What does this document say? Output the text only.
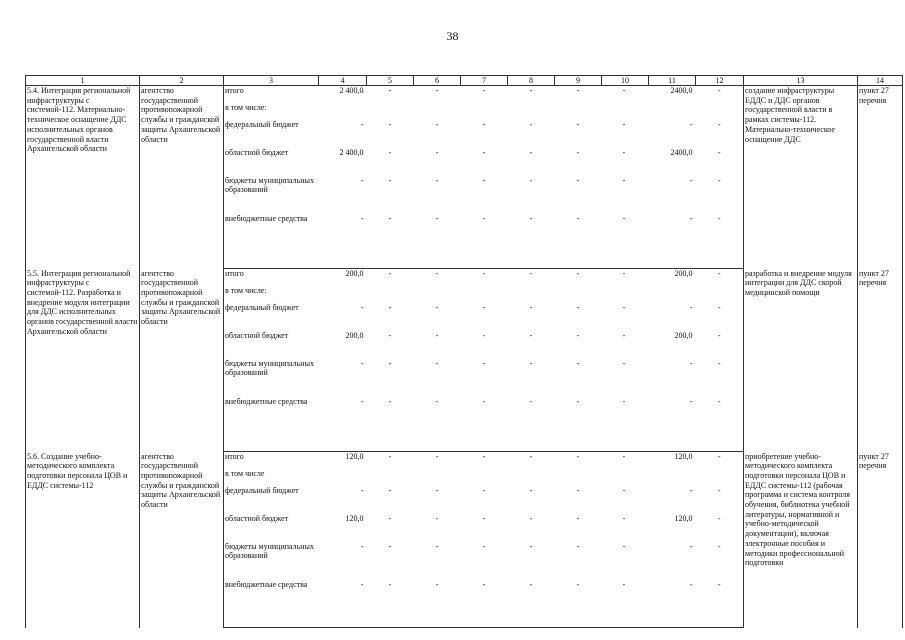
38
1	2	3	4	5	6	7	8	9	10	11	12	13	14
5.4. Интеграция региональной инфраструктуры с системой-112. Материально-техническое оснащение ДДС исполнительных органов государственной власти Архангельской области	агентство государственной противопожарной службы и гражданской защиты Архангельской области	итого	2 400,0	-	-	-	-	-	-	2400,0	-	создание инфраструктуры ЕДДС и ДДС органов государственной власти в рамках системы-112. Материально-техническое оснащение ДДС	пункт 27 перечня
		в том числе:											
		федеральный бюджет	-	-	-	-	-	-	-	-	-		
		областной бюджет	2 400,0	-	-	-	-	-	-	2400,0	-		
		бюджеты муниципальных образований	-	-	-	-	-	-	-	-	-		
		внебюджетные средства	-	-	-	-	-	-	-	-	-		
5.5. Интеграция региональной инфраструктуры с системой-112. Разработка и внедрение модуля интеграции для ДДС исполнительных органов государственной власти Архангельской области	агентство государственной противопожарной службы и гражданской защиты Архангельской области	итого	200,0	-	-	-	-	-	-	200,0	-	разработка и внедрение модуля интеграции для ДДС скорой медицинской помощи	пункт 27 перечня
		в том числе:											
		федеральный бюджет	-	-	-	-	-	-	-	-	-		
		областной бюджет	200,0	-	-	-	-	-	-	200,0	-		
		бюджеты муниципальных образований	-	-	-	-	-	-	-	-	-		
		внебюджетные средства	-	-	-	-	-	-	-	-	-		
5.6. Создание учебно-методического комплекта подготовки персонала ЦОВ и ЕДДС системы-112	агентство государственной противопожарной службы и гражданской защиты Архангельской области	итого	120,0	-	-	-	-	-	-	120,0	-	приобретение учебно-методического комплекта подготовки персонала ЦОВ и ЕДДС системы-112 (рабочая программа и система контроля обучения, библиотека учебной литературы, нормативной и учебно-методической документации), включая электронные пособия и методики профессиональной подготовки	пункт 27 перечня
		в том числе											
		федеральный бюджет	-	-	-	-	-	-	-	-	-		
		областной бюджет	120,0	-	-	-	-	-	-	120,0	-		
		бюджеты муниципальных образований	-	-	-	-	-	-	-	-	-		
		внебюджетные средства	-	-	-	-	-	-	-	-	-		
